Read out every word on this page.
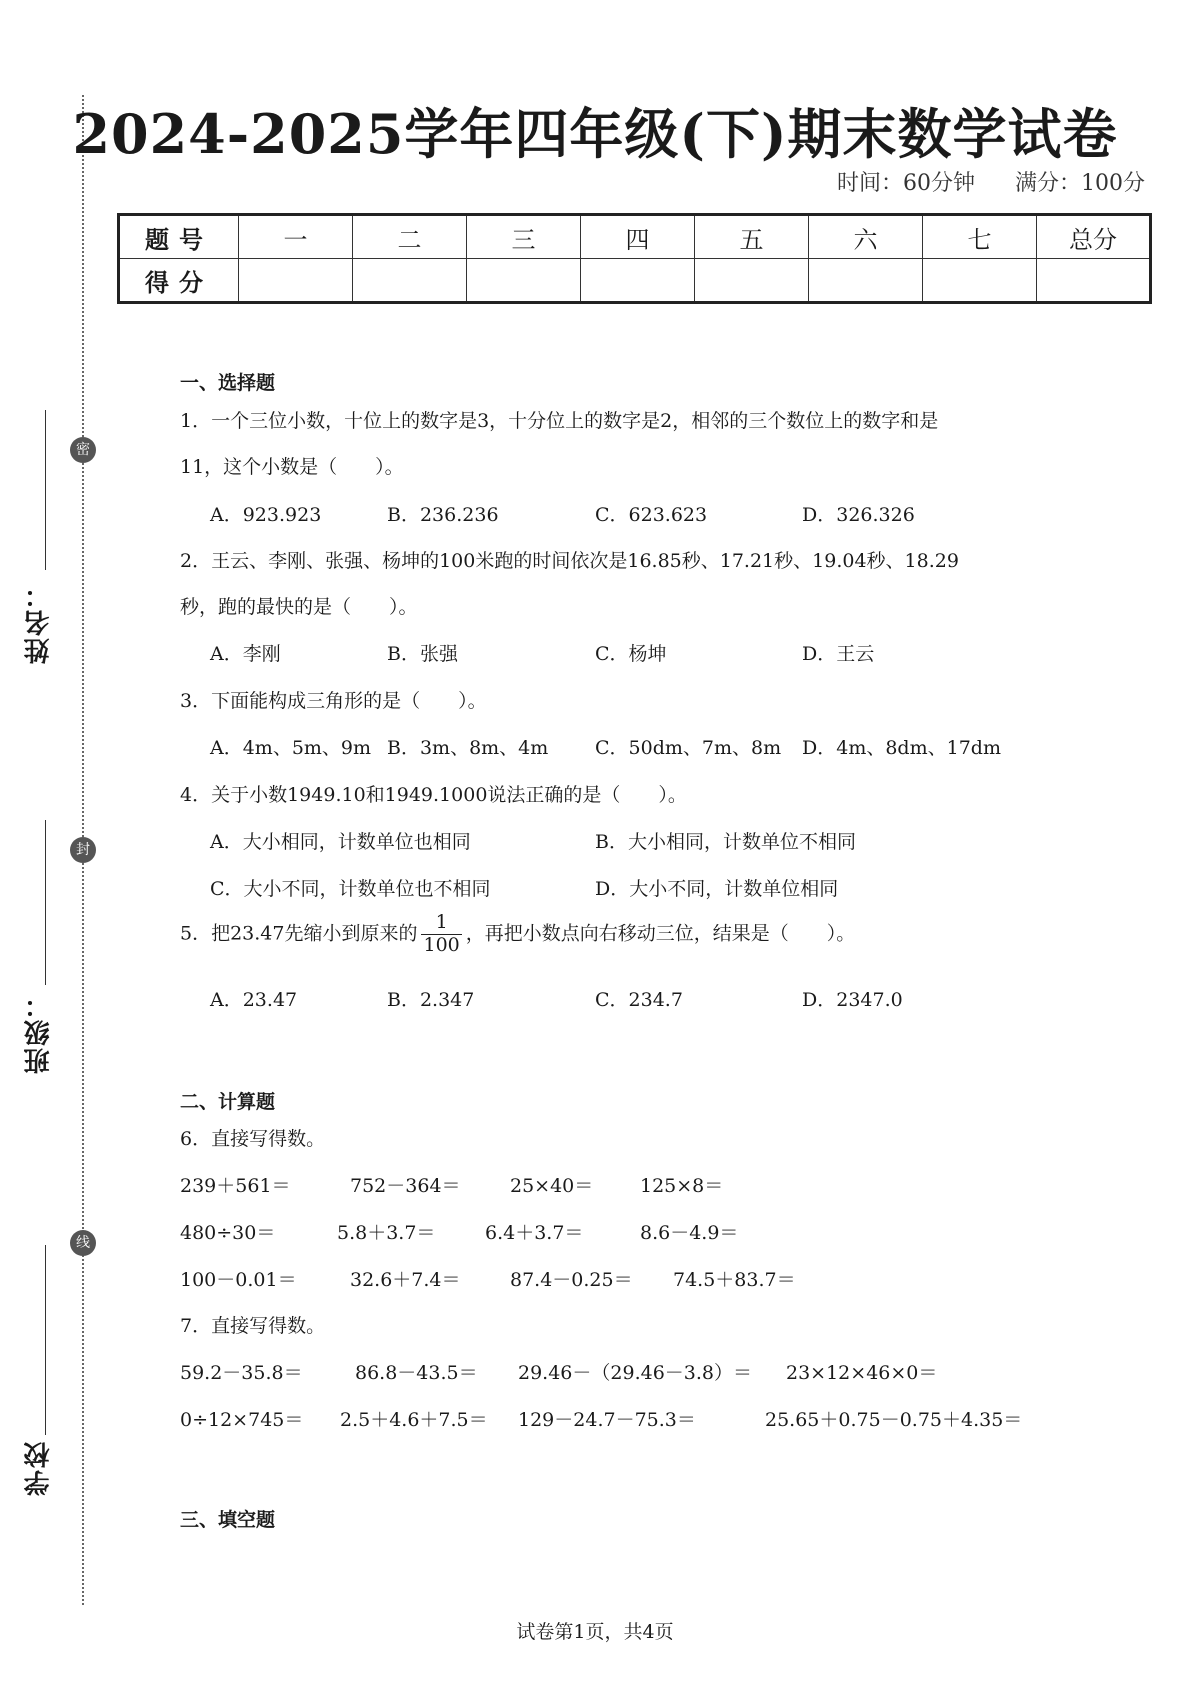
密
封
线
姓名：
班级：
学校
2024-2025学年四年级(下)期末数学试卷
时间：60分钟 满分：100分
题号	一	二	三	四	五	六	七	总分
得分								
一、选择题
1．一个三位小数，十位上的数字是3，十分位上的数字是2，相邻的三个数位上的数字和是
11，这个小数是（　　）。
A．923.923	B．236.236	C．623.623	D．326.326
2．王云、李刚、张强、杨坤的100米跑的时间依次是16.85秒、17.21秒、19.04秒、18.29
秒，跑的最快的是（　　）。
A．李刚	B．张强	C．杨坤	D．王云
3．下面能构成三角形的是（　　）。
A．4m、5m、9m B．3m、8m、4m C．50dm、7m、8m D．4m、8dm、17dm
4．关于小数1949.10和1949.1000说法正确的是（　　）。
A．大小相同，计数单位也相同	B．大小相同，计数单位不相同
C．大小不同，计数单位也不相同	D．大小不同，计数单位相同
5．把23.47先缩小到原来的 $\frac{1}{100}$ ，再把小数点向右移动三位，结果是（　　）。
A．23.47	B．2.347	C．234.7	D．2347.0
二、计算题
6．直接写得数。
239＋561＝	752－364＝	25×40＝ 125×8＝
480÷30＝	5.8＋3.7＝	6.4＋3.7＝	8.6－4.9＝
100－0.01＝	32.6＋7.4＝	87.4－0.25＝ 74.5＋83.7＝
7．直接写得数。
59.2－35.8＝	86.8－43.5＝ 29.46－（29.46－3.8）＝ 23×12×46×0＝
0÷12×745＝ 2.5＋4.6＋7.5＝ 129－24.7－75.3＝	25.65＋0.75－0.75＋4.35＝
三、填空题
试卷第1页，共4页
